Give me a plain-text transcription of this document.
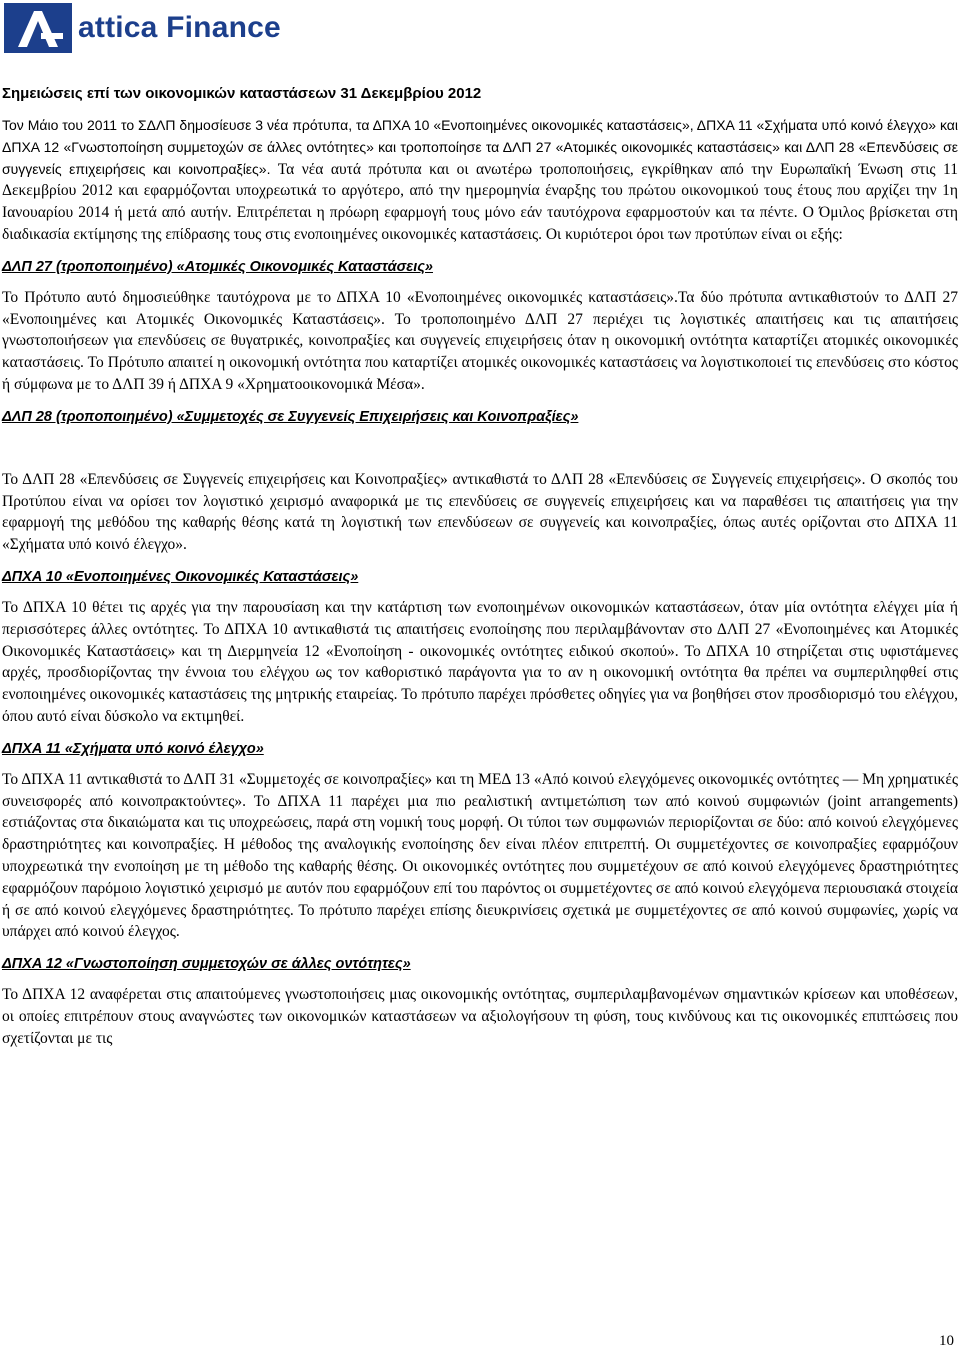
attica Finance
Σημειώσεις επί των οικονομικών καταστάσεων 31 Δεκεμβρίου 2012

Τον Μάιο του 2011 το ΣΔΛΠ δημοσίευσε 3 νέα πρότυπα, τα ΔΠΧΑ 10 «Ενοποιημένες οικονομικές καταστάσεις», ΔΠΧΑ 11 «Σχήματα υπό κοινό έλεγχο» και ΔΠΧΑ 12 «Γνωστοποίηση συμμετοχών σε άλλες οντότητες» και τροποποίησε τα ΔΛΠ 27 «Ατομικές οικονομικές καταστάσεις» και ΔΛΠ 28 «Επενδύσεις σε συγγενείς επιχειρήσεις και κοινοπραξίες». Τα νέα αυτά πρότυπα και οι ανωτέρω τροποποιήσεις, εγκρίθηκαν από την Ευρωπαϊκή Ένωση στις 11 Δεκεμβρίου 2012 και εφαρμόζονται υποχρεωτικά το αργότερο, από την ημερομηνία έναρξης του πρώτου οικονομικού τους έτους που αρχίζει την 1η Ιανουαρίου 2014 ή μετά από αυτήν. Επιτρέπεται η πρόωρη εφαρμογή τους μόνο εάν ταυτόχρονα εφαρμοστούν και τα πέντε. Ο Όμιλος βρίσκεται στη διαδικασία εκτίμησης της επίδρασης τους στις ενοποιημένες οικονομικές καταστάσεις. Οι κυριότεροι όροι των προτύπων είναι οι εξής:

ΔΛΠ 27 (τροποποιημένο) «Ατομικές Οικονομικές Καταστάσεις»

Το Πρότυπο αυτό δημοσιεύθηκε ταυτόχρονα με το ΔΠΧΑ 10 «Ενοποιημένες οικονομικές καταστάσεις».Τα δύο πρότυπα αντικαθιστούν το ΔΛΠ 27 «Ενοποιημένες και Ατομικές Οικονομικές Καταστάσεις». Το τροποποιημένο ΔΛΠ 27 περιέχει τις λογιστικές απαιτήσεις και τις απαιτήσεις γνωστοποιήσεων για επενδύσεις σε θυγατρικές, κοινοπραξίες και συγγενείς επιχειρήσεις όταν η οικονομική οντότητα καταρτίζει ατομικές οικονομικές καταστάσεις. Το Πρότυπο απαιτεί η οικονομική οντότητα που καταρτίζει ατομικές οικονομικές καταστάσεις να λογιστικοποιεί τις επενδύσεις στο κόστος ή σύμφωνα με το ΔΛΠ 39 ή ΔΠΧΑ 9 «Χρηματοοικονομικά Μέσα».

ΔΛΠ 28 (τροποποιημένο) «Συμμετοχές σε Συγγενείς Επιχειρήσεις και Κοινοπραξίες»

Το ΔΛΠ 28 «Επενδύσεις σε Συγγενείς επιχειρήσεις και Κοινοπραξίες» αντικαθιστά το ΔΛΠ 28 «Επενδύσεις σε Συγγενείς επιχειρήσεις». Ο σκοπός του Προτύπου είναι να ορίσει τον λογιστικό χειρισμό αναφορικά με τις επενδύσεις σε συγγενείς επιχειρήσεις και να παραθέσει τις απαιτήσεις για την εφαρμογή της μεθόδου της καθαρής θέσης κατά τη λογιστική των επενδύσεων σε συγγενείς και κοινοπραξίες, όπως αυτές ορίζονται στο ΔΠΧΑ 11 «Σχήματα υπό κοινό έλεγχο».

ΔΠΧΑ 10 «Ενοποιημένες Οικονομικές Καταστάσεις»

Το ΔΠΧΑ 10 θέτει τις αρχές για την παρουσίαση και την κατάρτιση των ενοποιημένων οικονομικών καταστάσεων, όταν μία οντότητα ελέγχει μία ή περισσότερες άλλες οντότητες. Το ΔΠΧΑ 10 αντικαθιστά τις απαιτήσεις ενοποίησης που περιλαμβάνονταν στο ΔΛΠ 27 «Ενοποιημένες και Ατομικές Οικονομικές Καταστάσεις» και τη Διερμηνεία 12 «Ενοποίηση - οικονομικές οντότητες ειδικού σκοπού». Το ΔΠΧΑ 10 στηρίζεται στις υφιστάμενες αρχές, προσδιορίζοντας την έννοια του ελέγχου ως τον καθοριστικό παράγοντα για το αν η οικονομική οντότητα θα πρέπει να συμπεριληφθεί στις ενοποιημένες οικονομικές καταστάσεις της μητρικής εταιρείας. Το πρότυπο παρέχει πρόσθετες οδηγίες για να βοηθήσει στον προσδιορισμό του ελέγχου, όπου αυτό είναι δύσκολο να εκτιμηθεί.

ΔΠΧΑ 11 «Σχήματα υπό κοινό έλεγχο»

Το ΔΠΧΑ 11 αντικαθιστά το ΔΛΠ 31 «Συμμετοχές σε κοινοπραξίες» και τη ΜΕΔ 13 «Από κοινού ελεγχόμενες οικονομικές οντότητες — Μη χρηματικές συνεισφορές από κοινοπρακτούντες». Το ΔΠΧΑ 11 παρέχει μια πιο ρεαλιστική αντιμετώπιση των από κοινού συμφωνιών (joint arrangements) εστιάζοντας στα δικαιώματα και τις υποχρεώσεις, παρά στη νομική τους μορφή. Οι τύποι των συμφωνιών περιορίζονται σε δύο: από κοινού ελεγχόμενες δραστηριότητες και κοινοπραξίες. Η μέθοδος της αναλογικής ενοποίησης δεν είναι πλέον επιτρεπτή. Οι συμμετέχοντες σε κοινοπραξίες εφαρμόζουν υποχρεωτικά την ενοποίηση με τη μέθοδο της καθαρής θέσης. Οι οικονομικές οντότητες που συμμετέχουν σε από κοινού ελεγχόμενες δραστηριότητες εφαρμόζουν παρόμοιο λογιστικό χειρισμό με αυτόν που εφαρμόζουν επί του παρόντος οι συμμετέχοντες σε από κοινού ελεγχόμενα περιουσιακά στοιχεία ή σε από κοινού ελεγχόμενες δραστηριότητες. Το πρότυπο παρέχει επίσης διευκρινίσεις σχετικά με συμμετέχοντες σε από κοινού συμφωνίες, χωρίς να υπάρχει από κοινού έλεγχος.

ΔΠΧΑ 12 «Γνωστοποίηση συμμετοχών σε άλλες οντότητες»

Το ΔΠΧΑ 12 αναφέρεται στις απαιτούμενες γνωστοποιήσεις μιας οικονομικής οντότητας, συμπεριλαμβανομένων σημαντικών κρίσεων και υποθέσεων, οι οποίες επιτρέπουν στους αναγνώστες των οικονομικών καταστάσεων να αξιολογήσουν τη φύση, τους κινδύνους και τις οικονομικές επιπτώσεις που σχετίζονται με τις

10
